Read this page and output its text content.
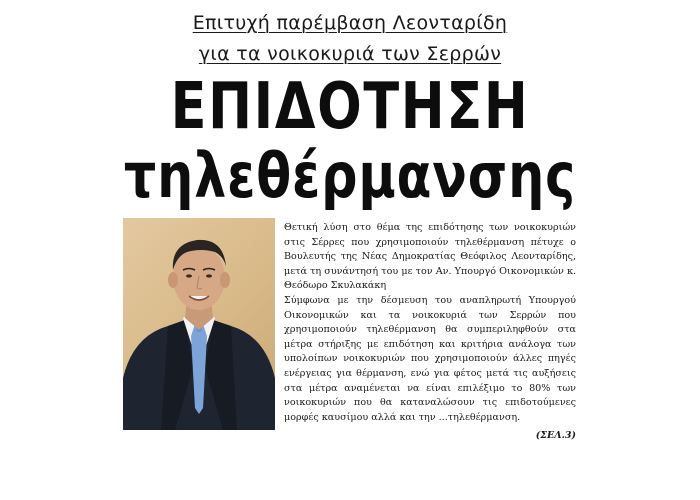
Επιτυχή παρέμβαση Λεονταρίδη
για τα νοικοκυριά των Σερρών
ΕΠΙΔΟΤΗΣΗ
τηλεθέρμανσης

Θετική λύση στο θέμα της επιδότησης των νοικοκυριών στις Σέρρες που χρησιμοποιούν τηλεθέρμανση πέτυχε ο Βουλευτής της Νέας Δημοκρατίας Θεόφιλος Λεονταρίδης, μετά τη συνάντησή του με τον Αν. Υπουργό Οικονομικών κ. Θεόδωρο Σκυλακάκη

Σύμφωνα με την δέσμευση του αναπληρωτή Υπουργού Οικονομικών και τα νοικοκυριά των Σερρών που χρησιμοποιούν τηλεθέρμανση θα συμπεριληφθούν στα μέτρα στήριξης με επιδότηση και κριτήρια ανάλογα των υπολοίπων νοικοκυριών που χρησιμοποιούν άλλες πηγές ενέργειας για θέρμανση, ενώ για φέτος μετά τις αυξήσεις στα μέτρα αναμένεται να είναι επιλέξιμο το 80% των νοικοκυριών που θα καταναλώσουν τις επιδοτούμενες μορφές καυσίμου αλλά και την ...τηλεθέρμανση.

(ΣΕΛ.3)
